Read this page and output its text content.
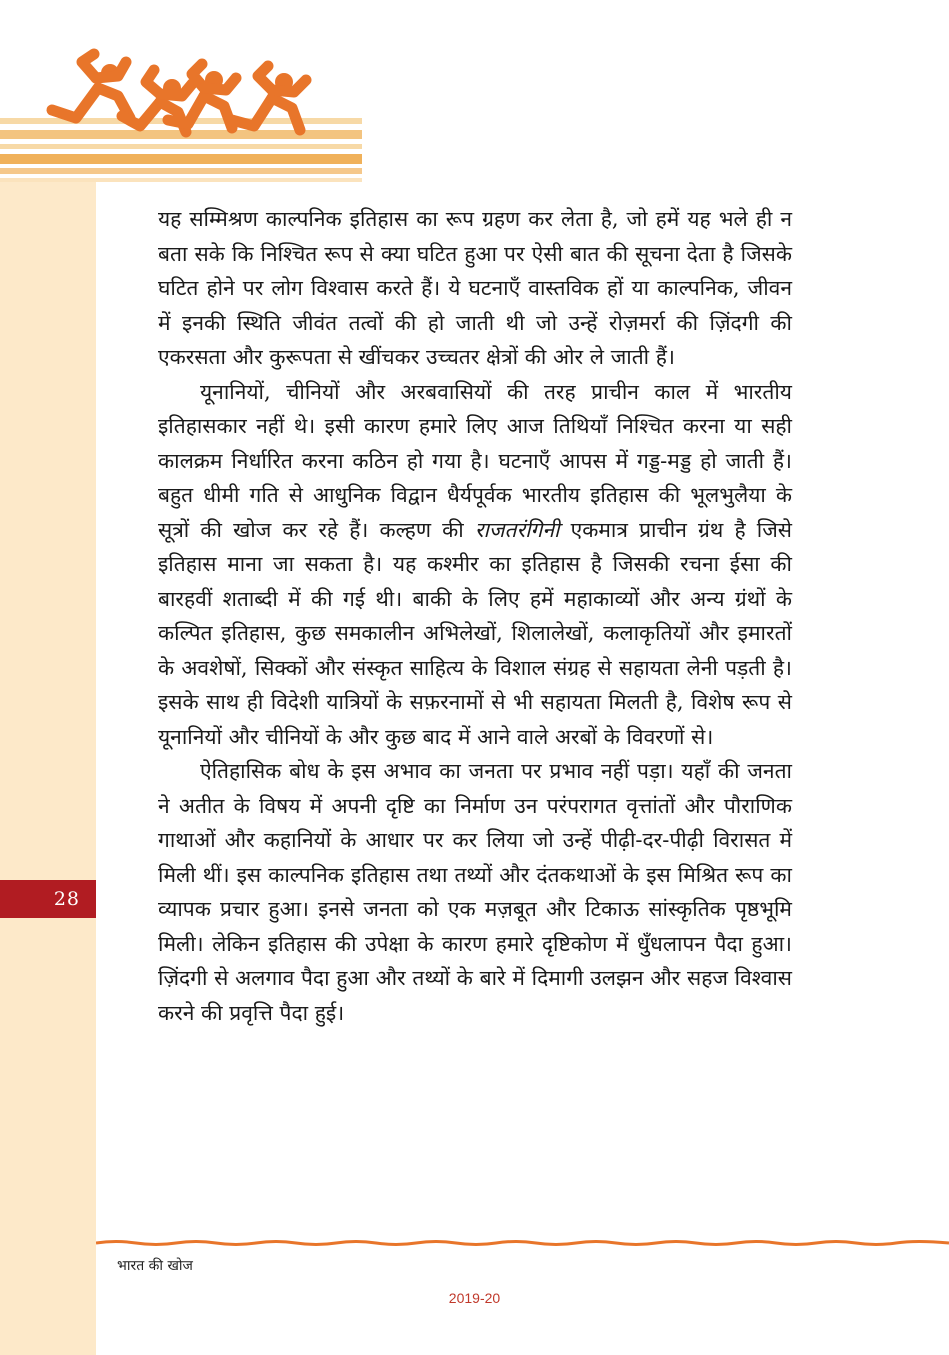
28

यह सम्मिश्रण काल्पनिक इतिहास का रूप ग्रहण कर लेता है, जो हमें यह भले ही न बता सके कि निश्चित रूप से क्या घटित हुआ पर ऐसी बात की सूचना देता है जिसके घटित होने पर लोग विश्वास करते हैं। ये घटनाएँ वास्तविक हों या काल्पनिक, जीवन में इनकी स्थिति जीवंत तत्वों की हो जाती थी जो उन्हें रोज़मर्रा की ज़िंदगी की एकरसता और कुरूपता से खींचकर उच्चतर क्षेत्रों की ओर ले जाती हैं।

यूनानियों, चीनियों और अरबवासियों की तरह प्राचीन काल में भारतीय इतिहासकार नहीं थे। इसी कारण हमारे लिए आज तिथियाँ निश्चित करना या सही कालक्रम निर्धारित करना कठिन हो गया है। घटनाएँ आपस में गड्ड-मड्ड हो जाती हैं। बहुत धीमी गति से आधुनिक विद्वान धैर्यपूर्वक भारतीय इतिहास की भूलभुलैया के सूत्रों की खोज कर रहे हैं। कल्हण की राजतरंगिनी एकमात्र प्राचीन ग्रंथ है जिसे इतिहास माना जा सकता है। यह कश्मीर का इतिहास है जिसकी रचना ईसा की बारहवीं शताब्दी में की गई थी। बाकी के लिए हमें महाकाव्यों और अन्य ग्रंथों के कल्पित इतिहास, कुछ समकालीन अभिलेखों, शिलालेखों, कलाकृतियों और इमारतों के अवशेषों, सिक्कों और संस्कृत साहित्य के विशाल संग्रह से सहायता लेनी पड़ती है। इसके साथ ही विदेशी यात्रियों के सफ़रनामों से भी सहायता मिलती है, विशेष रूप से यूनानियों और चीनियों के और कुछ बाद में आने वाले अरबों के विवरणों से।

ऐतिहासिक बोध के इस अभाव का जनता पर प्रभाव नहीं पड़ा। यहाँ की जनता ने अतीत के विषय में अपनी दृष्टि का निर्माण उन परंपरागत वृत्तांतों और पौराणिक गाथाओं और कहानियों के आधार पर कर लिया जो उन्हें पीढ़ी-दर-पीढ़ी विरासत में मिली थीं। इस काल्पनिक इतिहास तथा तथ्यों और दंतकथाओं के इस मिश्रित रूप का व्यापक प्रचार हुआ। इनसे जनता को एक मज़बूत और टिकाऊ सांस्कृतिक पृष्ठभूमि मिली। लेकिन इतिहास की उपेक्षा के कारण हमारे दृष्टिकोण में धुँधलापन पैदा हुआ। ज़िंदगी से अलगाव पैदा हुआ और तथ्यों के बारे में दिमागी उलझन और सहज विश्वास करने की प्रवृत्ति पैदा हुई।

भारत की खोज
2019-20
